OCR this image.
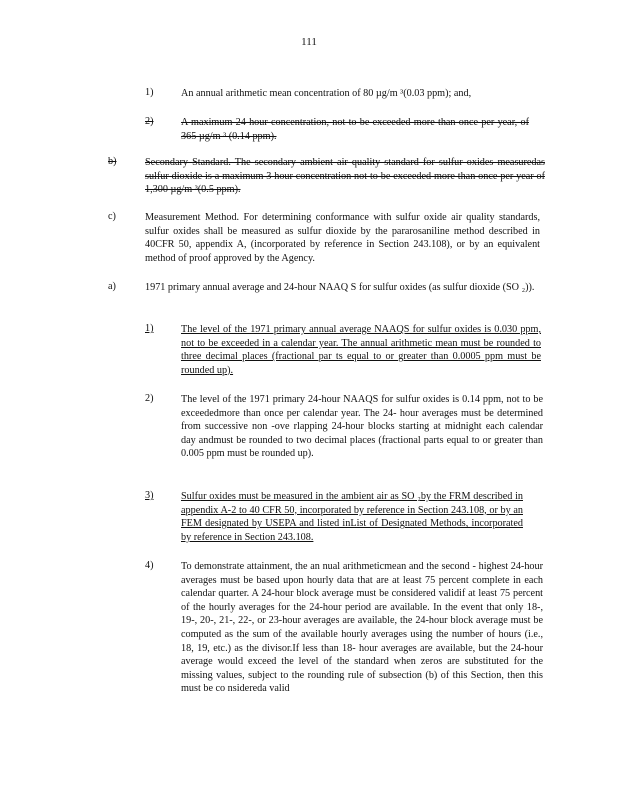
111
1)	An annual arithmetic mean concentration of 80 µg/m ³(0.03 ppm); and,
2)	A maximum 24 hour concentration, not to be exceeded more than once per year, of 365 µg/m ³ (0.14 ppm).
b)	Secondary Standard. The secondary ambient air quality standard for sulfur oxides measuredas sulfur dioxide is a maximum 3 hour concentration not to be exceeded more than once per year of 1,300 µg/m ³(0.5 ppm).
c)	Measurement Method. For determining conformance with sulfur oxide air quality standards, sulfur oxides shall be measured as sulfur dioxide by the pararosaniline method described in 40CFR 50, appendix A, (incorporated by reference in Section 243.108), or by an equivalent method of proof approved by the Agency.
a)	1971 primary annual average and 24-hour NAAQ S for sulfur oxides (as sulfur dioxide (SO ₂)).
1)	The level of the 1971 primary annual average NAAQS for sulfur oxides is 0.030 ppm, not to be exceeded in a calendar year. The annual arithmetic mean must be rounded to three decimal places (fractional par ts equal to or greater than 0.0005 ppm must be rounded up).
2)	The level of the 1971 primary 24-hour NAAQS for sulfur oxides is 0.14 ppm, not to be exceededmore than once per calendar year. The 24- hour averages must be determined from successive non -ove rlapping 24-hour blocks starting at midnight each calendar day andmust be rounded to two decimal places (fractional parts equal to or greater than 0.005 ppm must be rounded up).
3)	Sulfur oxides must be measured in the ambient air as SO ₂by the FRM described in appendix A-2 to 40 CFR 50, incorporated by reference in Section 243.108, or by an FEM designated by USEPA and listed inList of Designated Methods, incorporated by reference in Section 243.108.
4)	To demonstrate attainment, the an nual arithmeticmean and the second - highest 24-hour averages must be based upon hourly data that are at least 75 percent complete in each calendar quarter. A 24-hour block average must be considered validif at least 75 percent of the hourly averages for the 24-hour period are available. In the event that only 18-, 19-, 20-, 21-, 22-, or 23-hour averages are available, the 24-hour block average must be computed as the sum of the available hourly averages using the number of hours (i.e., 18, 19, etc.) as the divisor.If less than 18- hour averages are available, but the 24-hour average would exceed the level of the standard when zeros are substituted for the missing values, subject to the rounding rule of subsection (b) of this Section, then this must be co nsidereda valid
